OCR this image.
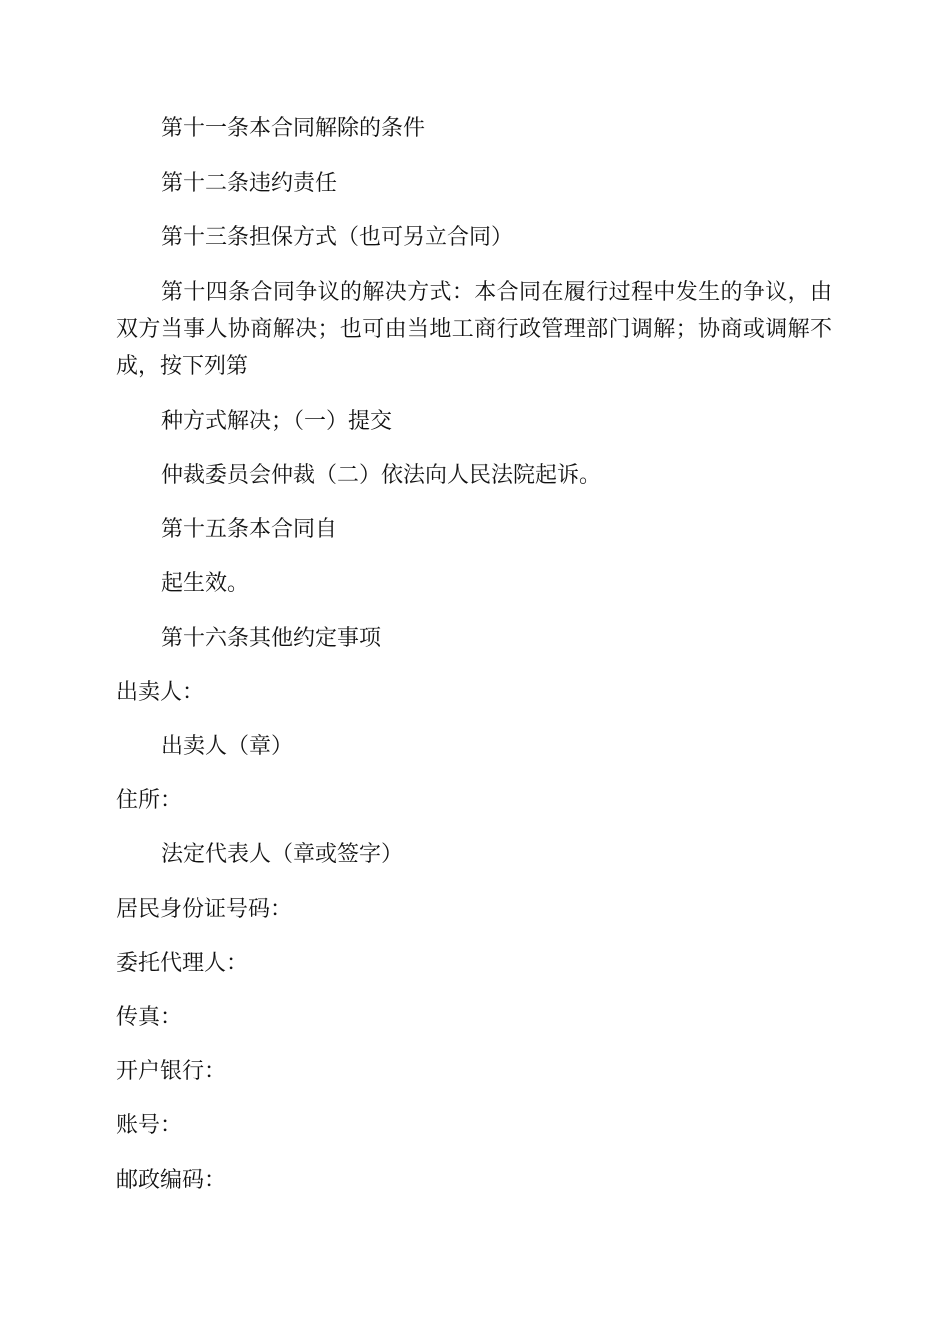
第十一条本合同解除的条件

第十二条违约责任

第十三条担保方式（也可另立合同）

第十四条合同争议的解决方式：本合同在履行过程中发生的争议，由双方当事人协商解决；也可由当地工商行政管理部门调解；协商或调解不成，按下列第

种方式解决；（一）提交

仲裁委员会仲裁（二）依法向人民法院起诉。

第十五条本合同自

起生效。

第十六条其他约定事项

出卖人：

出卖人（章）

住所：

法定代表人（章或签字）

居民身份证号码：

委托代理人：

传真：

开户银行：

账号：

邮政编码：
